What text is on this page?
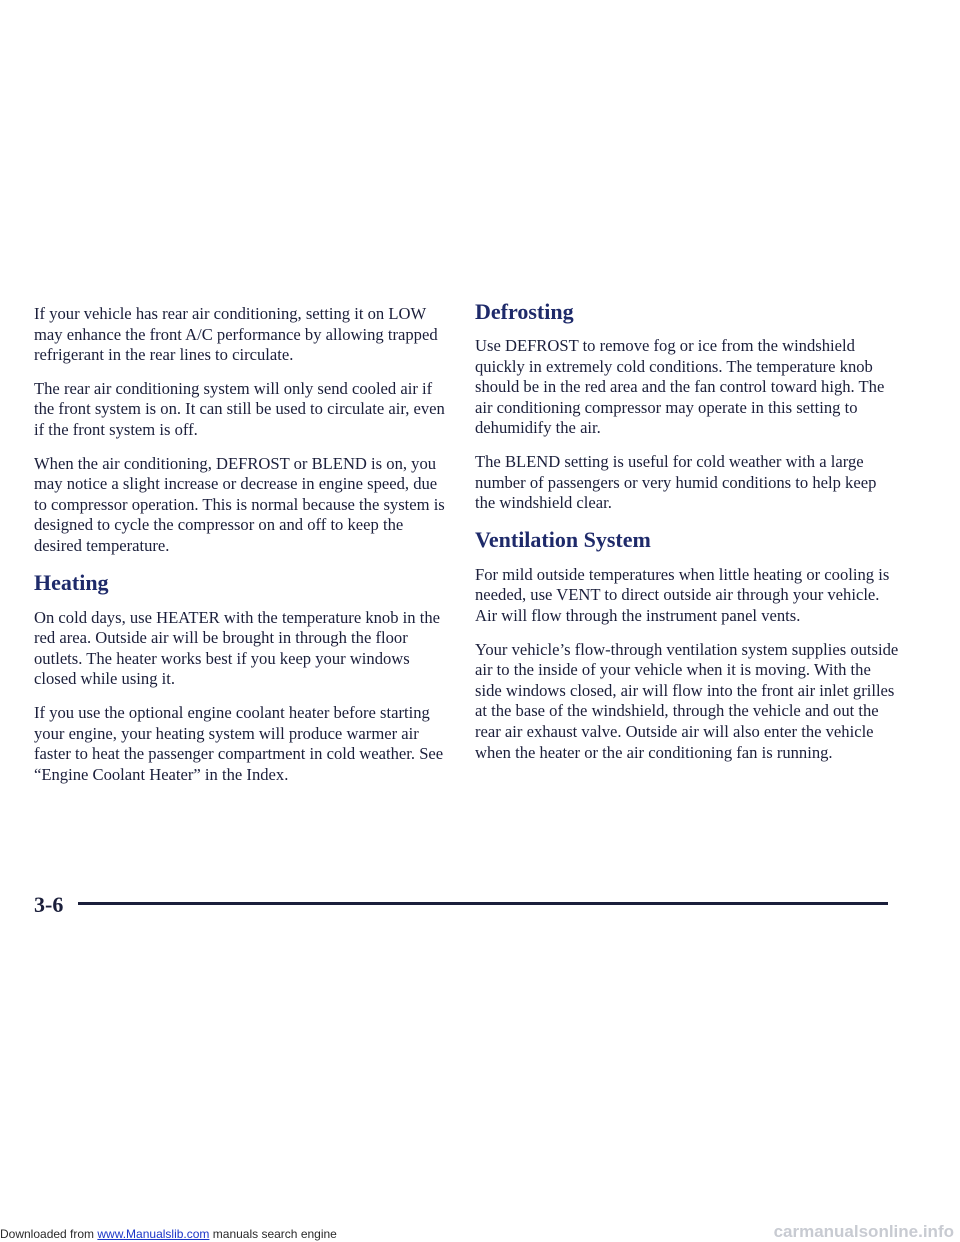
If your vehicle has rear air conditioning, setting it on LOW may enhance the front A/C performance by allowing trapped refrigerant in the rear lines to circulate.

The rear air conditioning system will only send cooled air if the front system is on. It can still be used to circulate air, even if the front system is off.

When the air conditioning, DEFROST or BLEND is on, you may notice a slight increase or decrease in engine speed, due to compressor operation. This is normal because the system is designed to cycle the compressor on and off to keep the desired temperature.

Heating

On cold days, use HEATER with the temperature knob in the red area. Outside air will be brought in through the floor outlets. The heater works best if you keep your windows closed while using it.

If you use the optional engine coolant heater before starting your engine, your heating system will produce warmer air faster to heat the passenger compartment in cold weather. See “Engine Coolant Heater” in the Index.

Defrosting

Use DEFROST to remove fog or ice from the windshield quickly in extremely cold conditions. The temperature knob should be in the red area and the fan control toward high. The air conditioning compressor may operate in this setting to dehumidify the air.

The BLEND setting is useful for cold weather with a large number of passengers or very humid conditions to help keep the windshield clear.

Ventilation System

For mild outside temperatures when little heating or cooling is needed, use VENT to direct outside air through your vehicle. Air will flow through the instrument panel vents.

Your vehicle’s flow-through ventilation system supplies outside air to the inside of your vehicle when it is moving. With the side windows closed, air will flow into the front air inlet grilles at the base of the windshield, through the vehicle and out the rear air exhaust valve. Outside air will also enter the vehicle when the heater or the air conditioning fan is running.

3-6
Downloaded from www.Manualslib.com manuals search engine	carmanualsonline.info
